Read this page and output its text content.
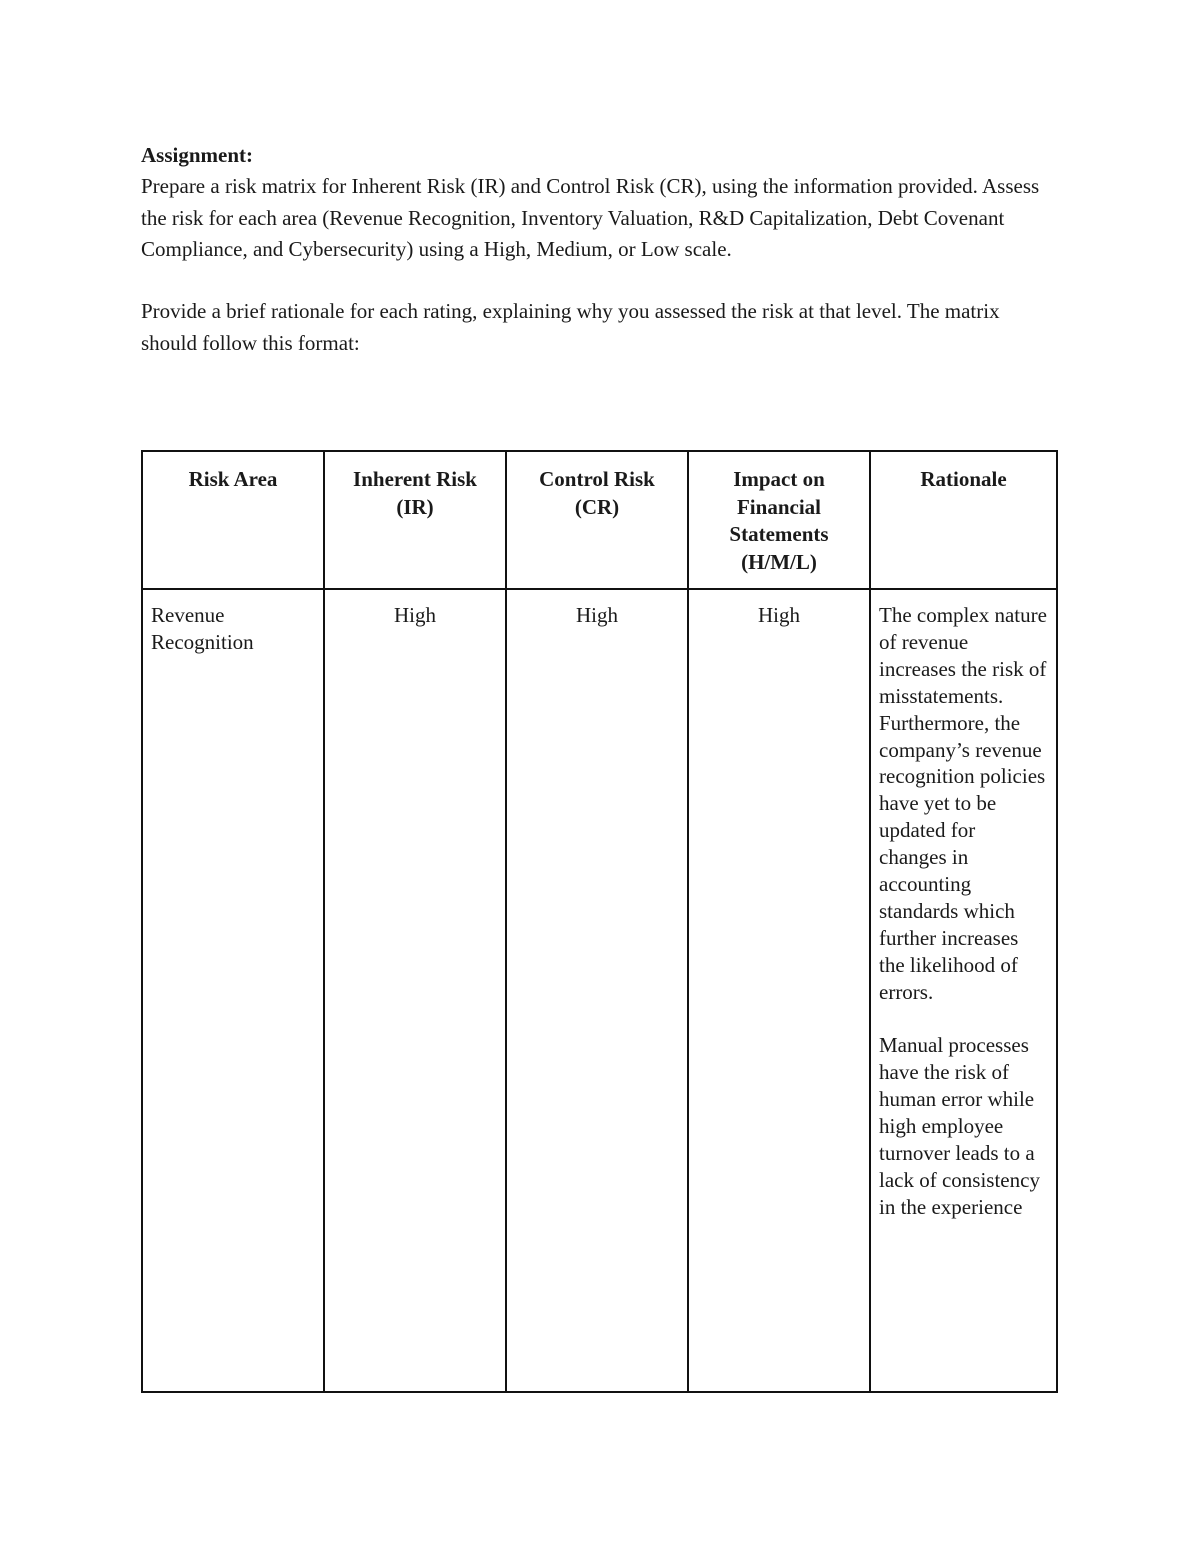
Assignment:

Prepare a risk matrix for Inherent Risk (IR) and Control Risk (CR), using the information provided. Assess the risk for each area (Revenue Recognition, Inventory Valuation, R&D Capitalization, Debt Covenant Compliance, and Cybersecurity) using a High, Medium, or Low scale.

Provide a brief rationale for each rating, explaining why you assessed the risk at that level. The matrix should follow this format:

Risk Area	Inherent Risk (IR)	Control Risk (CR)	Impact on Financial Statements (H/M/L)	Rationale
Revenue Recognition	High	High	High	The complex nature of revenue increases the risk of misstatements. Furthermore, the company’s revenue recognition policies have yet to be updated for changes in accounting standards which further increases the likelihood of errors.
Manual processes have the risk of human error while high employee turnover leads to a lack of consistency in the experience
